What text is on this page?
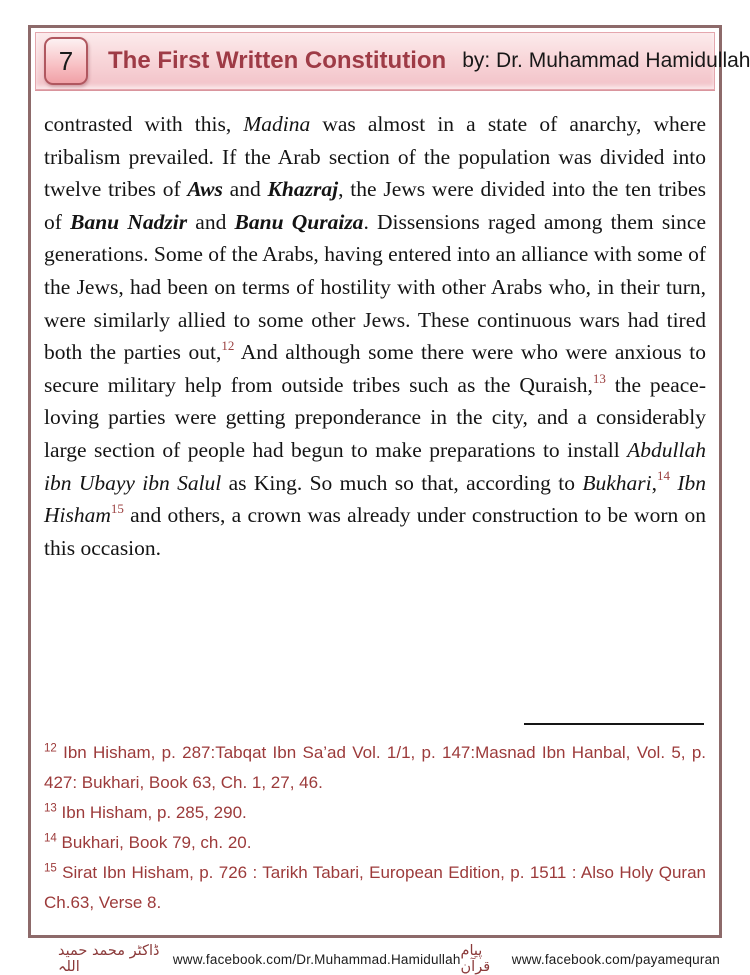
7 The First Written Constitution by: Dr. Muhammad Hamidullah
contrasted with this, Madina was almost in a state of anarchy, where tribalism prevailed. If the Arab section of the population was divided into twelve tribes of Aws and Khazraj, the Jews were divided into the ten tribes of Banu Nadzir and Banu Quraiza. Dissensions raged among them since generations. Some of the Arabs, having entered into an alliance with some of the Jews, had been on terms of hostility with other Arabs who, in their turn, were similarly allied to some other Jews. These continuous wars had tired both the parties out,$^{12}$ And although some there were who were anxious to secure military help from outside tribes such as the Quraish,$^{13}$ the peace-loving parties were getting preponderance in the city, and a considerably large section of people had begun to make preparations to install Abdullah ibn Ubayy ibn Salul as King. So much so that, according to Bukhari,$^{14}$ Ibn Hisham$^{15}$ and others, a crown was already under construction to be worn on this occasion.
$^{12}$ Ibn Hisham, p. 287:Tabqat Ibn Sa’ad Vol. 1/1, p. 147:Masnad Ibn Hanbal, Vol. 5, p. 427: Bukhari, Book 63, Ch. 1, 27, 46.
$^{13}$ Ibn Hisham, p. 285, 290.
$^{14}$ Bukhari, Book 79, ch. 20.
$^{15}$ Sirat Ibn Hisham, p. 726 : Tarikh Tabari, European Edition, p. 1511 : Also Holy Quran Ch.63, Verse 8.
ڈاکٹر محمد حمید اللہ	www.facebook.com/Dr.Muhammad.Hamidullah پیام قرآن	www.facebook.com/payamequran
